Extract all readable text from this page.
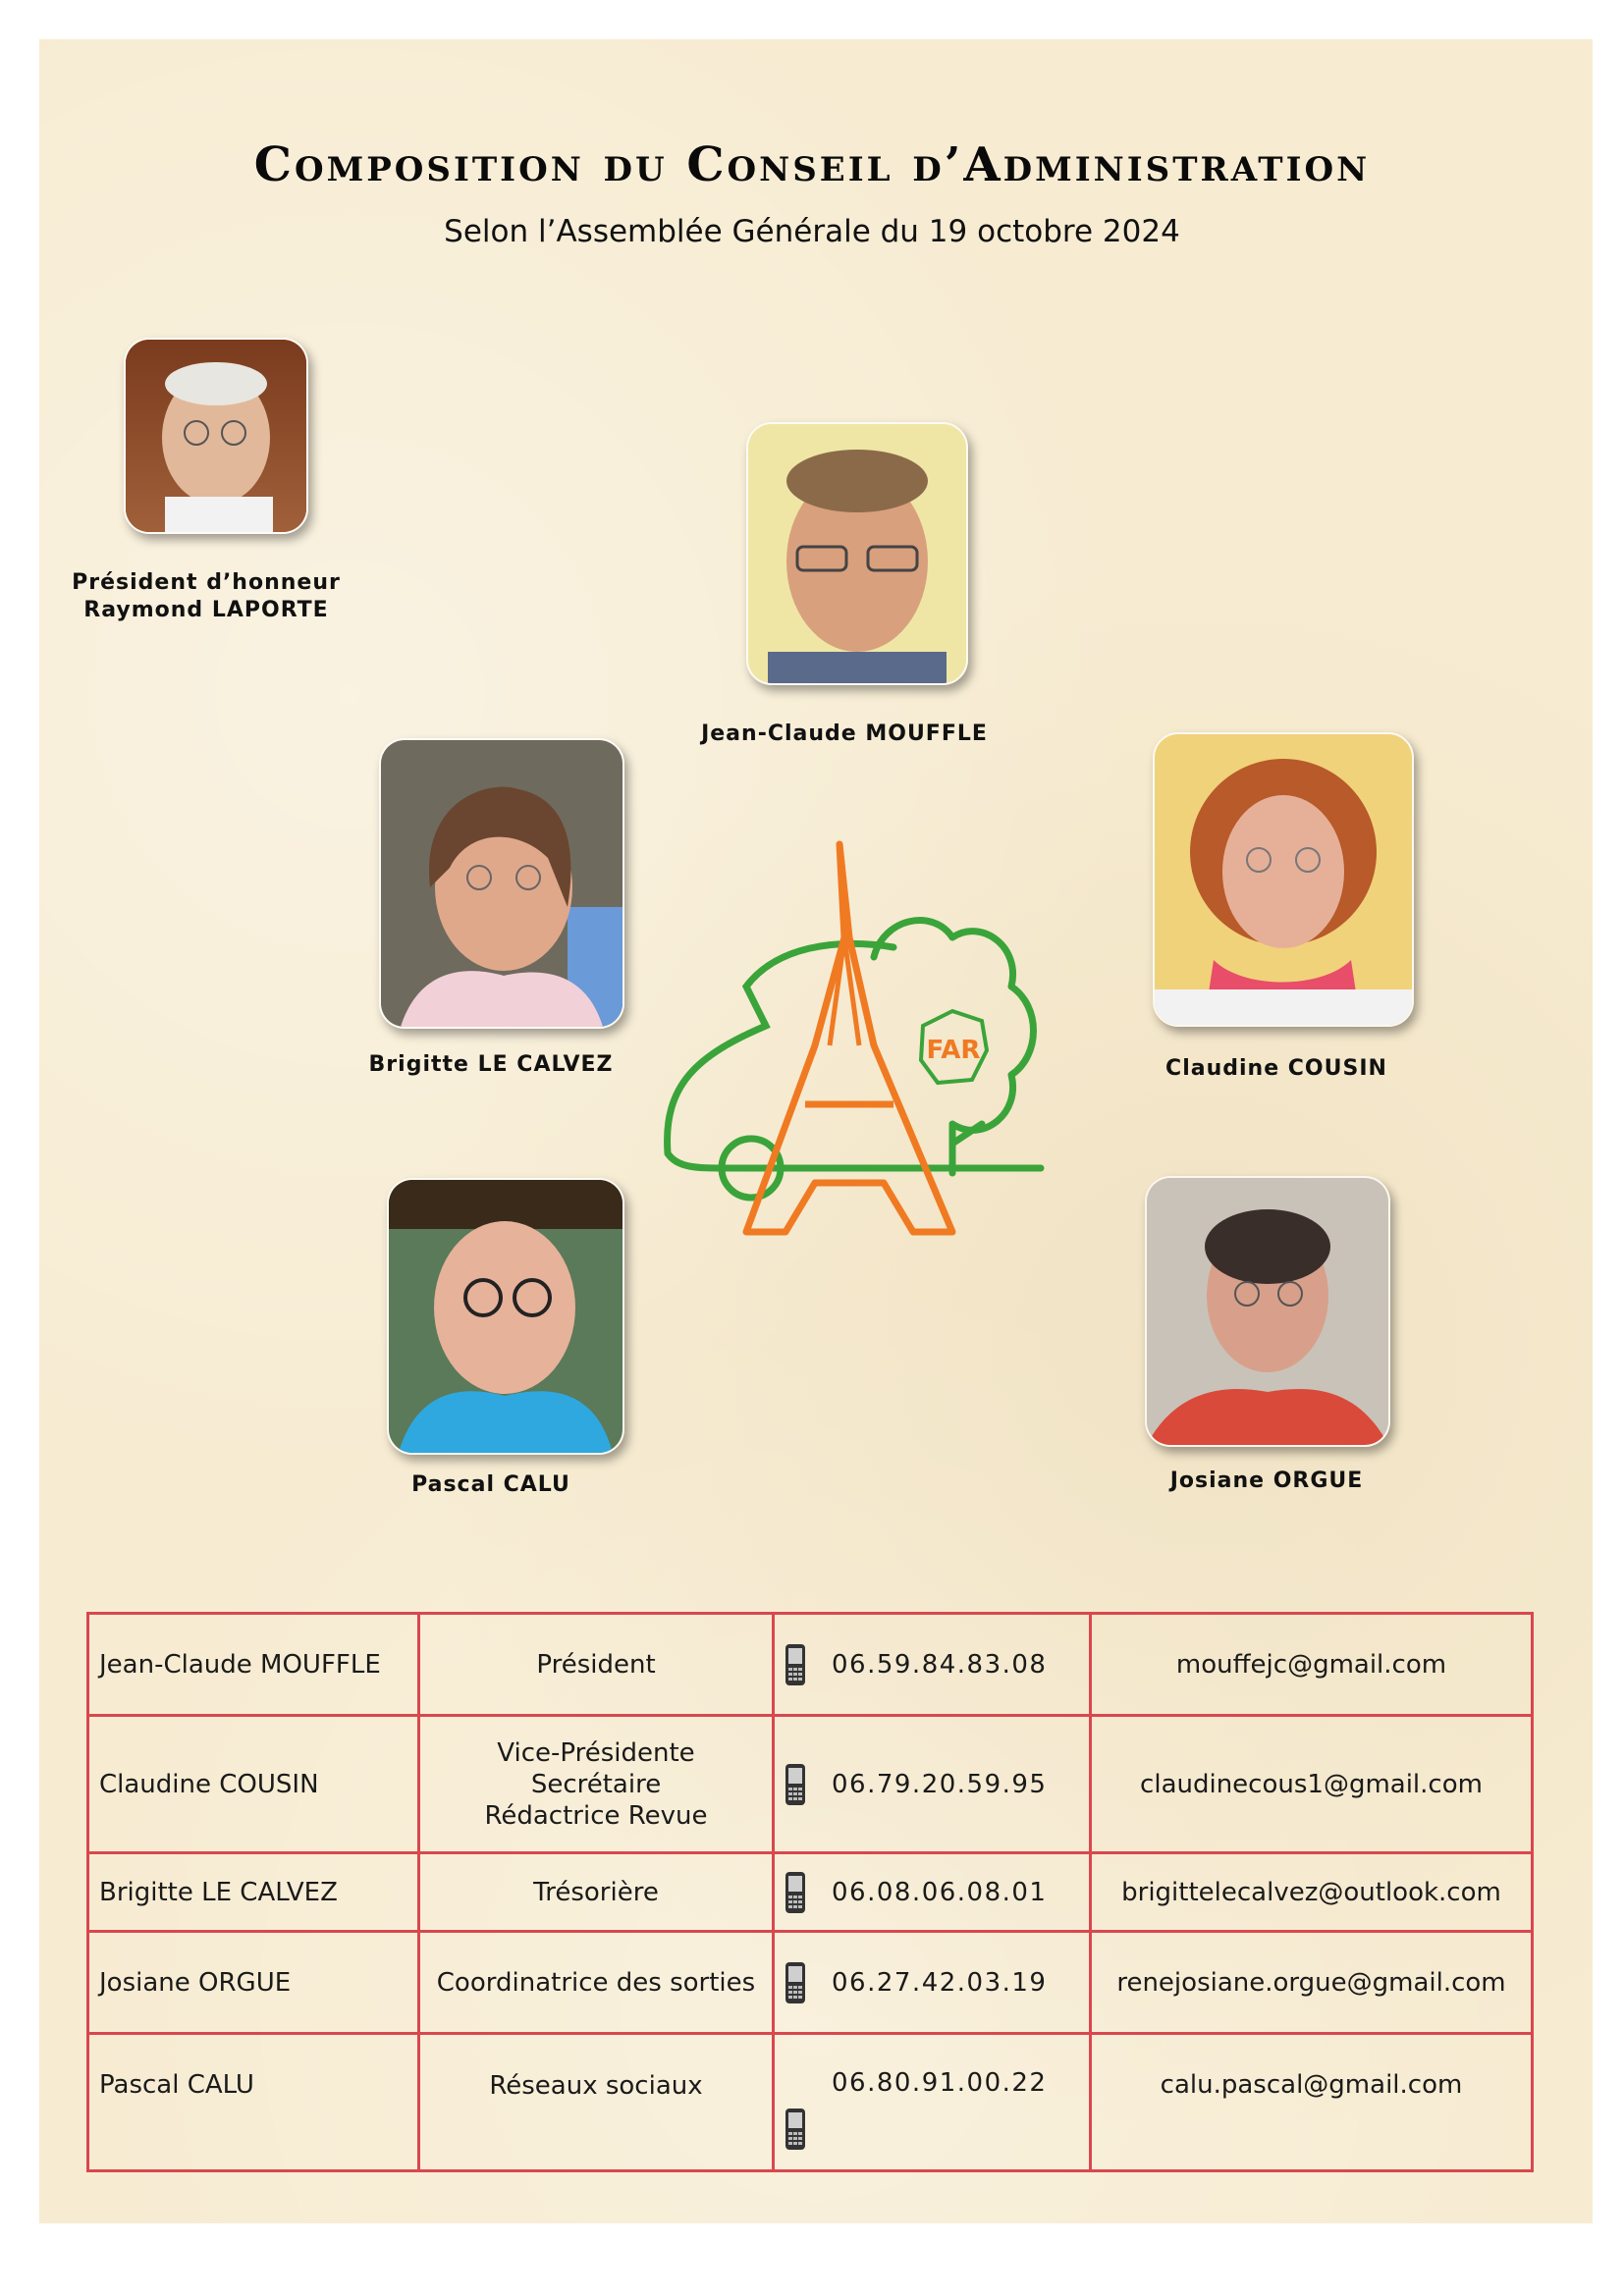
Composition du Conseil d’Administration
Selon l’Assemblée Générale du 19 octobre 2024
Président d’honneur
Raymond LAPORTE
Jean-Claude MOUFFLE
Brigitte LE CALVEZ	Claudine COUSIN
Pascal CALU	Josiane ORGUE
FAR
Jean-Claude MOUFFLE	Président	06.59.84.83.08	mouffejc@gmail.com
Claudine COUSIN	Vice-Présidente
Secrétaire
Rédactrice Revue	06.79.20.59.95	claudinecous1@gmail.com
Brigitte LE CALVEZ	Trésorière	06.08.06.08.01	brigittelecalvez@outlook.com
Josiane ORGUE	Coordinatrice des sorties	06.27.42.03.19	renejosiane.orgue@gmail.com
Pascal CALU	Réseaux sociaux	06.80.91.00.22	calu.pascal@gmail.com
